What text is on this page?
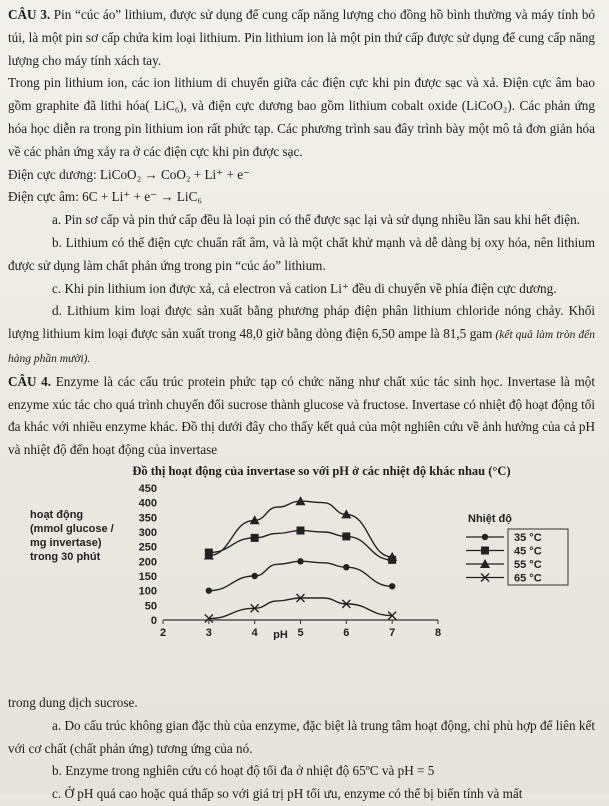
CÂU 3. Pin “cúc áo” lithium, được sử dụng để cung cấp năng lượng cho đồng hồ bình thường và máy tính bỏ túi, là một pin sơ cấp chứa kim loại lithium. Pin lithium ion là một pin thứ cấp được sử dụng để cung cấp năng lượng cho máy tính xách tay.

Trong pin lithium ion, các ion lithium di chuyển giữa các điện cực khi pin được sạc và xả. Điện cực âm bao gồm graphite đã lithi hóa( LiC₆), và điện cực dương bao gồm lithium cobalt oxide (LiCoO₂). Các phản ứng hóa học diễn ra trong pin lithium ion rất phức tạp. Các phương trình sau đây trình bày một mô tả đơn giản hóa về các phản ứng xảy ra ở các điện cực khi pin được sạc.

Điện cực dương: LiCoO₂ → CoO₂ + Li⁺ + e⁻

Điện cực âm: 6C + Li⁺ + e⁻ → LiC₆

a. Pin sơ cấp và pin thứ cấp đều là loại pin có thể được sạc lại và sử dụng nhiều lần sau khi hết điện.

b. Lithium có thế điện cực chuẩn rất âm, và là một chất khử mạnh và dễ dàng bị oxy hóa, nên lithium được sử dụng làm chất phản ứng trong pin “cúc áo” lithium.

c. Khi pin lithium ion được xả, cả electron và cation Li⁺ đều di chuyển về phía điện cực dương.

d. Lithium kim loại được sản xuất bằng phương pháp điện phân lithium chloride nóng chảy. Khối lượng lithium kim loại được sản xuất trong 48,0 giờ bằng dòng điện 6,50 ampe là 81,5 gam (kết quả làm tròn đến hàng phần mười).

CÂU 4. Enzyme là các cấu trúc protein phức tạp có chức năng như chất xúc tác sinh học. Invertase là một enzyme xúc tác cho quá trình chuyển đổi sucrose thành glucose và fructose. Invertase có nhiệt độ hoạt động tối đa khác với nhiều enzyme khác. Đồ thị dưới đây cho thấy kết quả của một nghiên cứu về ảnh hưởng của cả pH và nhiệt độ đến hoạt động của invertase

Đồ thị hoạt động của invertase so với pH ở các nhiệt độ khác nhau (°C)
hoạt động
(mmol glucose /
mg invertase)
trong 30 phút
0
50
100
150
200
250
300
350
400
450
2	3	4	5	6	7	8
pH
Nhiệt độ
35 °C
45 °C
55 °C
65 °C

trong dung dịch sucrose.

a. Do cấu trúc không gian đặc thù của enzyme, đặc biệt là trung tâm hoạt động, chỉ phù hợp để liên kết với cơ chất (chất phản ứng) tương ứng của nó.

b. Enzyme trong nghiên cứu có hoạt độ tối đa ở nhiệt độ 65ºC và pH = 5

c. Ở pH quá cao hoặc quá thấp so với giá trị pH tối ưu, enzyme có thể bị biến tính và mất
